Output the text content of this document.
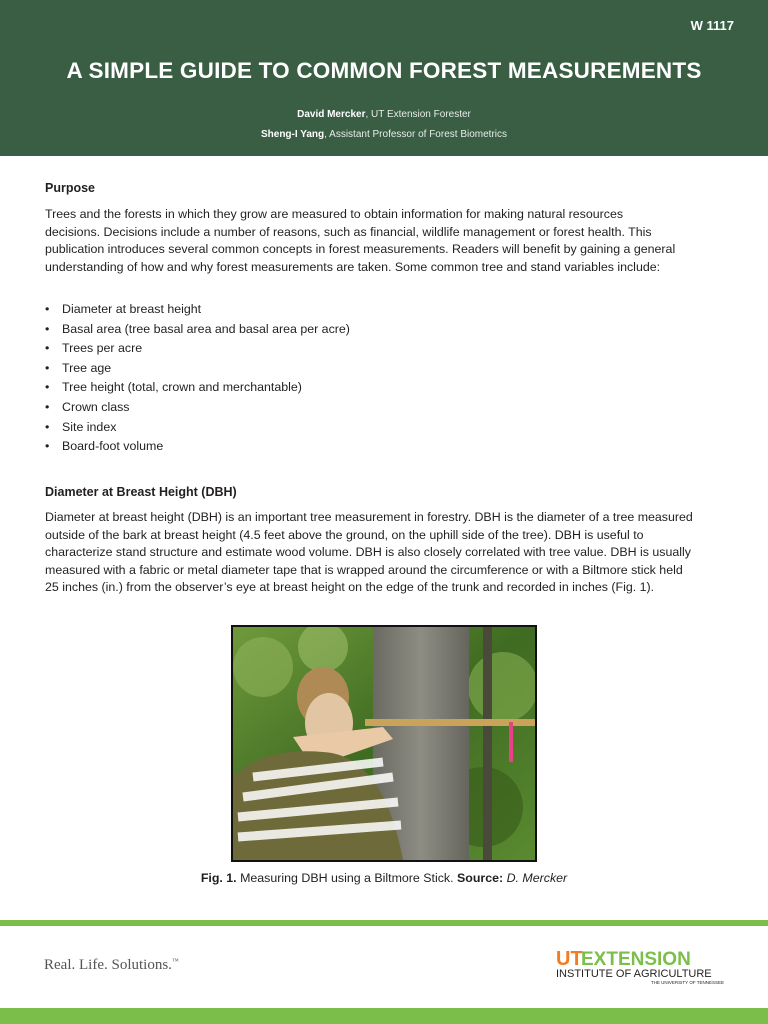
W 1117
A SIMPLE GUIDE TO COMMON FOREST MEASUREMENTS
David Mercker, UT Extension Forester
Sheng-I Yang, Assistant Professor of Forest Biometrics
Purpose

Trees and the forests in which they grow are measured to obtain information for making natural resources
decisions. Decisions include a number of reasons, such as financial, wildlife management or forest health. This
publication introduces several common concepts in forest measurements. Readers will benefit by gaining a general
understanding of how and why forest measurements are taken. Some common tree and stand variables include:

• Diameter at breast height
• Basal area (tree basal area and basal area per acre)
• Trees per acre
• Tree age
• Tree height (total, crown and merchantable)
• Crown class
• Site index
• Board-foot volume
Diameter at Breast Height (DBH)

Diameter at breast height (DBH) is an important tree measurement in forestry. DBH is the diameter of a tree measured
outside of the bark at breast height (4.5 feet above the ground, on the uphill side of the tree). DBH is useful to
characterize stand structure and estimate wood volume. DBH is also closely correlated with tree value. DBH is usually
measured with a fabric or metal diameter tape that is wrapped around the circumference or with a Biltmore stick held
25 inches (in.) from the observer’s eye at breast height on the edge of the trunk and recorded in inches (Fig. 1).

Fig. 1. Measuring DBH using a Biltmore Stick. Source: D. Mercker
Real. Life. Solutions.™	UT
EXTENSION
INSTITUTE OF AGRICULTURE
THE UNIVERSITY OF TENNESSEE
